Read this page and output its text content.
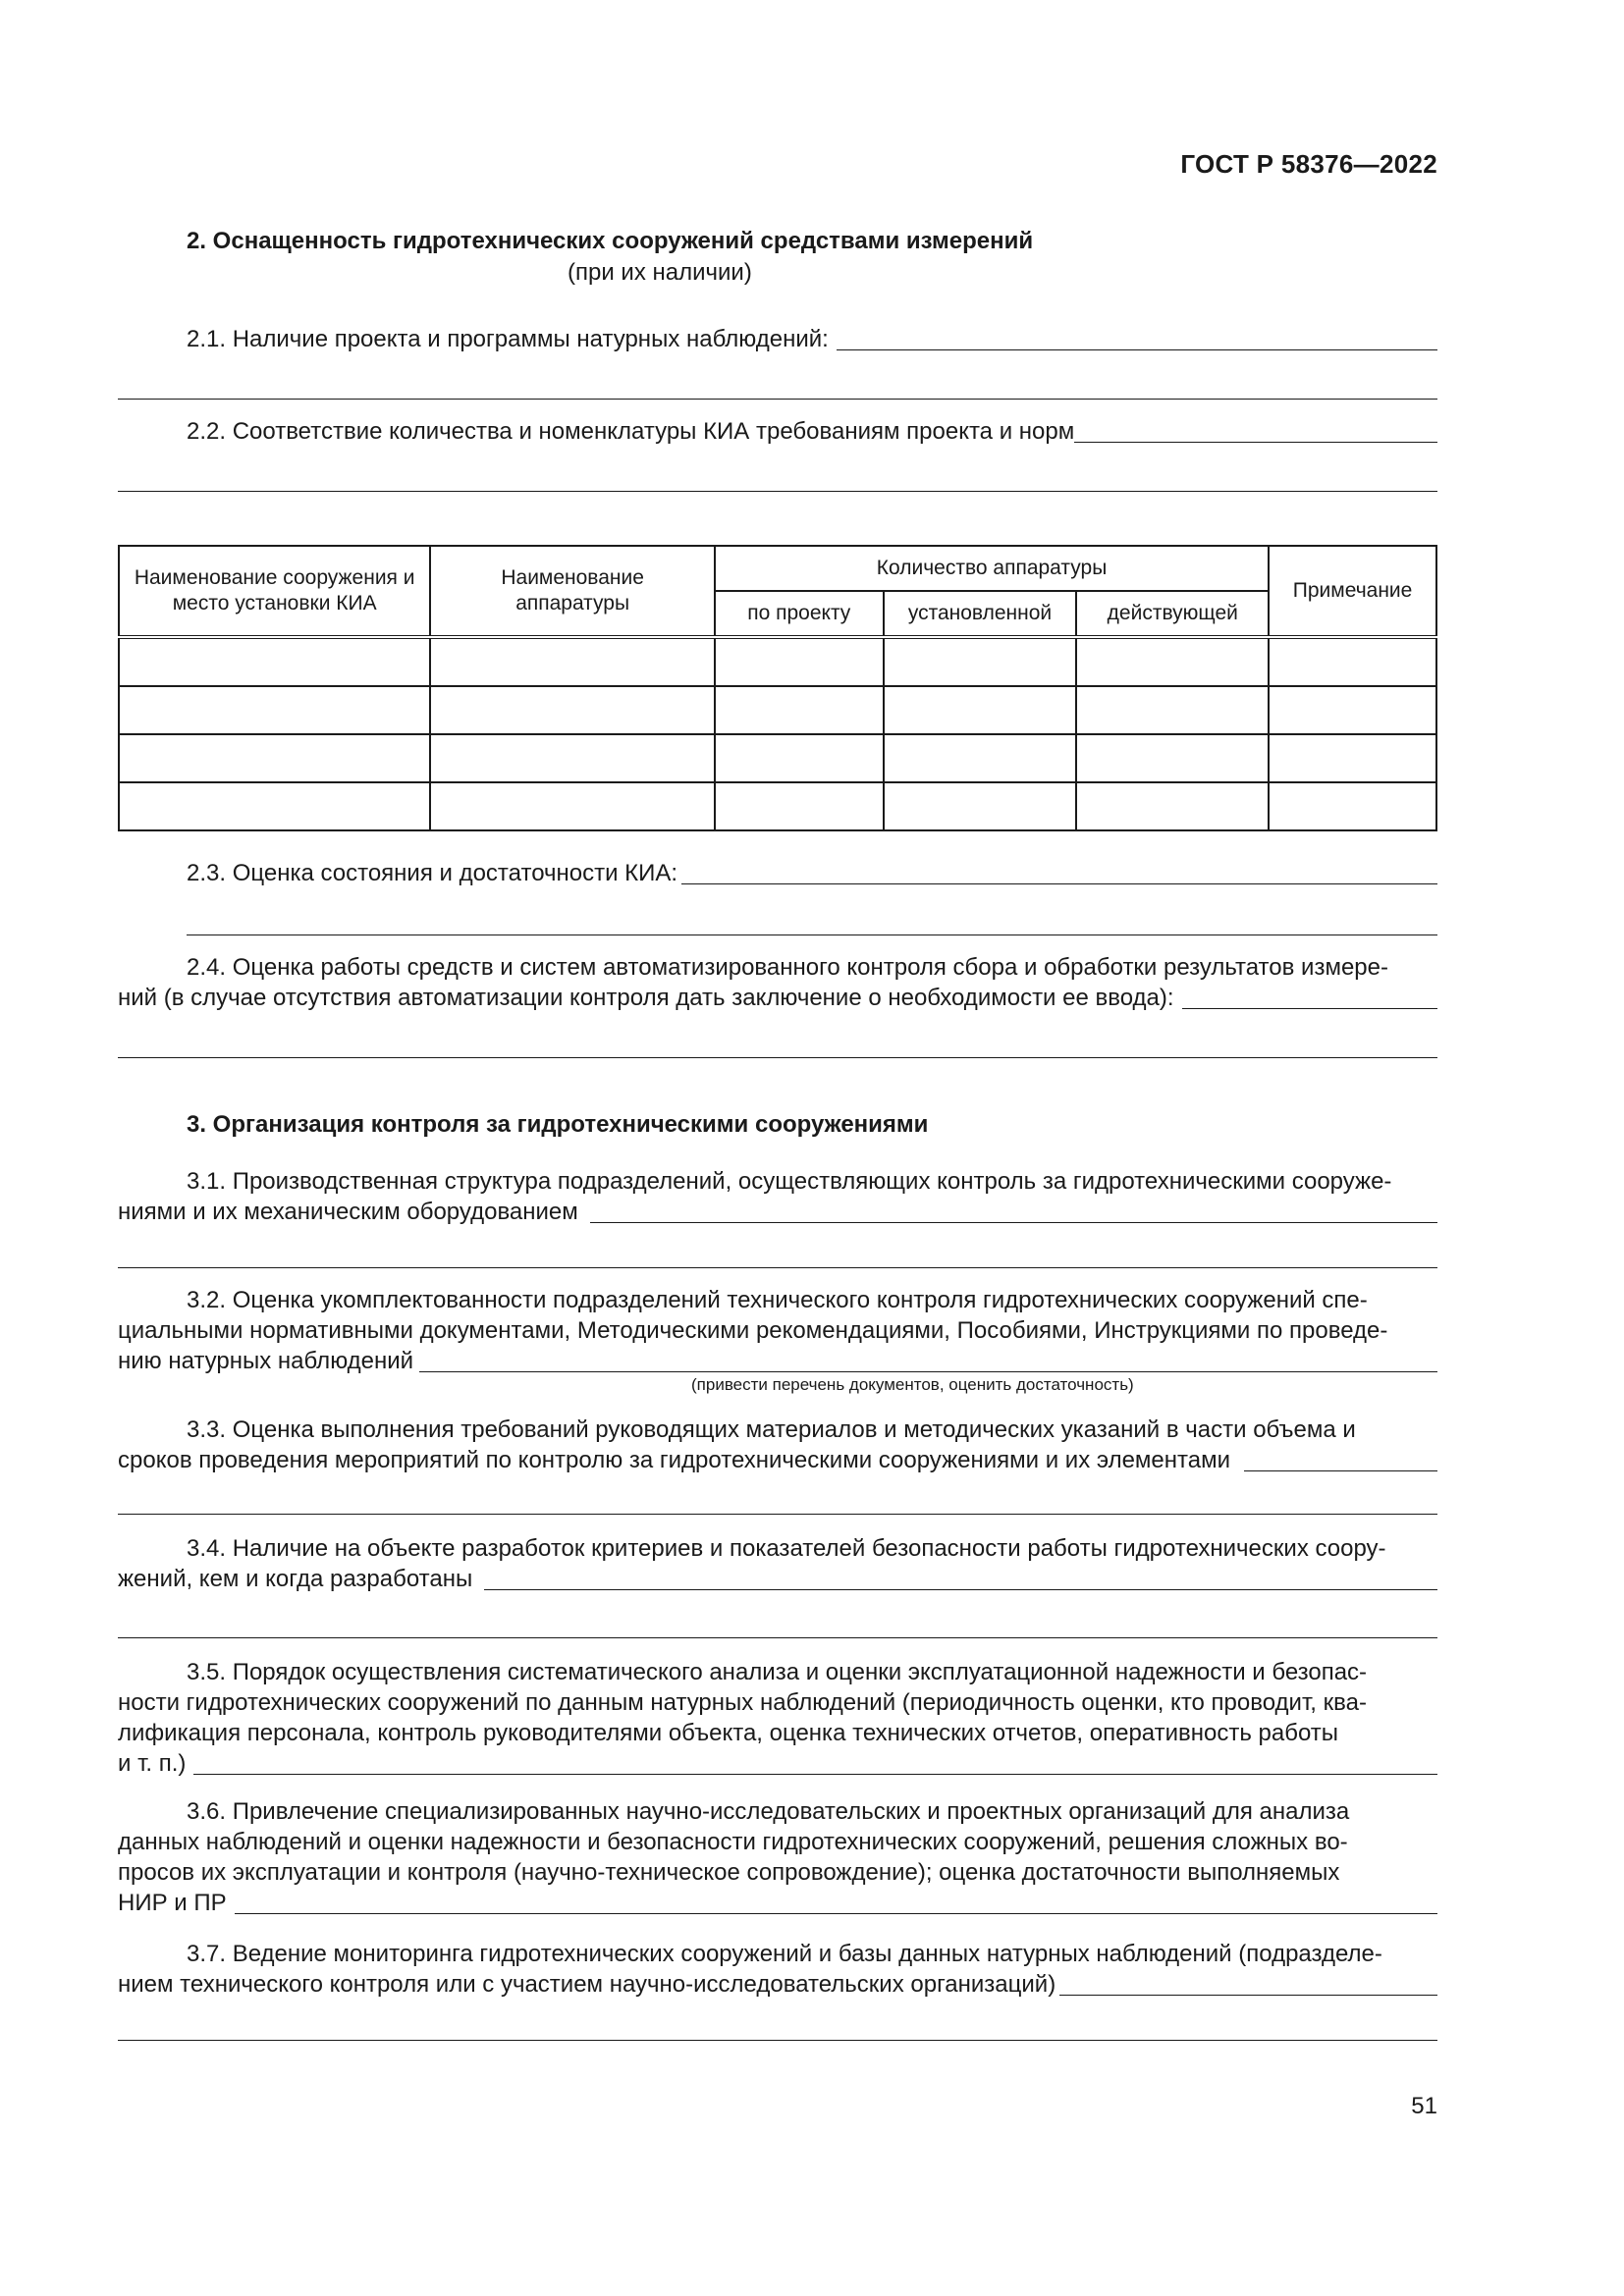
ГОСТ Р 58376—2022
2. Оснащенность гидротехнических сооружений средствами измерений
(при их наличии)
2.1. Наличие проекта и программы натурных наблюдений:
2.2. Соответствие количества и номенклатуры КИА требованиям проекта и норм
Наименование сооружения и место установки КИА	Наименование аппаратуры	Количество аппаратуры			Примечание
		по проекту	установленной	действующей	

2.3. Оценка состояния и достаточности КИА:
2.4. Оценка работы средств и систем автоматизированного контроля сбора и обработки результатов измере-
ний (в случае отсутствия автоматизации контроля дать заключение о необходимости ее ввода):
3. Организация контроля за гидротехническими сооружениями
3.1. Производственная структура подразделений, осуществляющих контроль за гидротехническими сооруже-
ниями и их механическим оборудованием
3.2. Оценка укомплектованности подразделений технического контроля гидротехнических сооружений спе-
циальными нормативными документами, Методическими рекомендациями, Пособиями, Инструкциями по проведе-
нию натурных наблюдений
(привести перечень документов, оценить достаточность)
3.3. Оценка выполнения требований руководящих материалов и методических указаний в части объема и
сроков проведения мероприятий по контролю за гидротехническими сооружениями и их элементами
3.4. Наличие на объекте разработок критериев и показателей безопасности работы гидротехнических соору-
жений, кем и когда разработаны
3.5. Порядок осуществления систематического анализа и оценки эксплуатационной надежности и безопас-
ности гидротехнических сооружений по данным натурных наблюдений (периодичность оценки, кто проводит, ква-
лификация персонала, контроль руководителями объекта, оценка технических отчетов, оперативность работы
и т. п.)
3.6. Привлечение специализированных научно-исследовательских и проектных организаций для анализа
данных наблюдений и оценки надежности и безопасности гидротехнических сооружений, решения сложных во-
просов их эксплуатации и контроля (научно-техническое сопровождение); оценка достаточности выполняемых
НИР и ПР
3.7. Ведение мониторинга гидротехнических сооружений и базы данных натурных наблюдений (подразделе-
нием технического контроля или с участием научно-исследовательских организаций)
51
